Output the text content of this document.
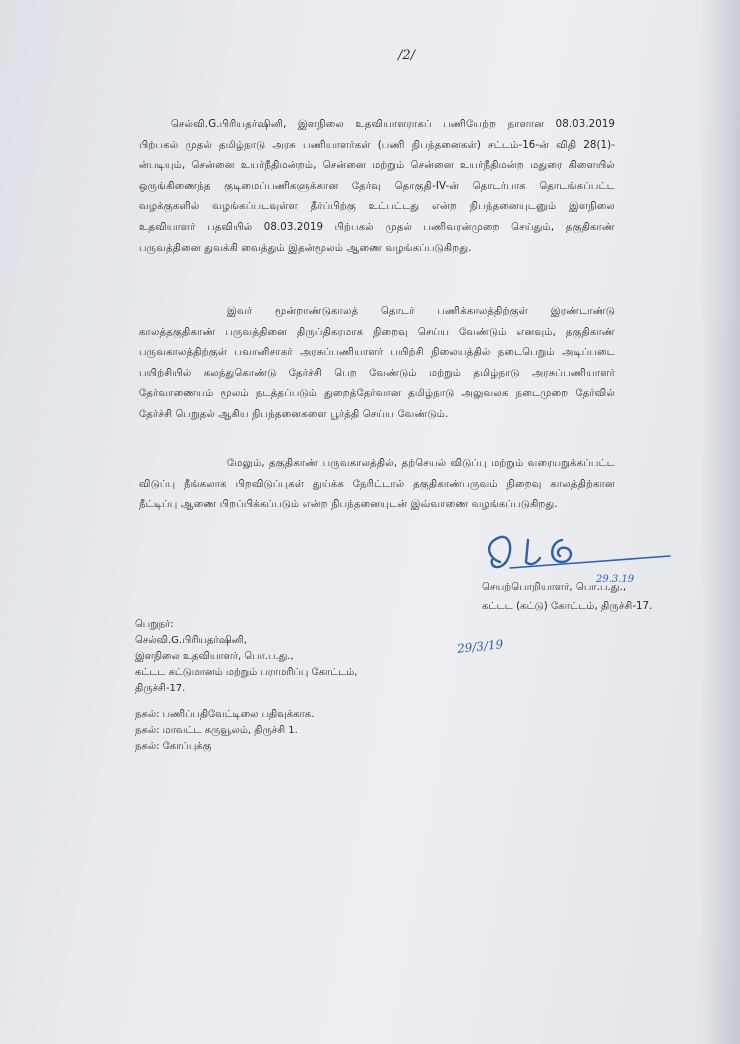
/2/
செல்வி.G.பிரியதர்ஷினி, இளநிலை உதவியாளராகப் பணியேற்ற நாளான 08.03.2019 பிற்பகல் முதல் தமிழ்நாடு அரசு பணியாளர்கள் (பணி நிபந்தனைகள்) சட்டம்-16-ன் விதி 28(1)-ன்படியும், சென்னை உயர்நீதிமன்றம், சென்னை மற்றும் சென்னை உயர்நீதிமன்ற மதுரை கிளையில் ஒருங்கிணைந்த குடிமைப்பணிகளுக்கான தேர்வு தொகுதி-IV-ன் தொடர்பாக தொடங்கப்பட்ட வழக்குகளில் வழங்கப்படவுள்ள தீர்ப்பிற்கு உட்பட்டது என்ற நிபந்தனையுடனும் இளநிலை உதவியாளர் பதவியில் 08.03.2019 பிற்பகல் முதல் பணிவரன்முறை செய்தும், தகுதிகாண் பருவத்தினை துவக்கி வைத்தும் இதன்மூலம் ஆணை வழங்கப்படுகிறது.
இவர் மூன்றாண்டுகாலத் தொடர் பணிக்காலத்திற்குள் இரண்டாண்டு காலத்தகுதிகாண் பருவத்தினை திருப்திகரமாக நிறைவு செய்ய வேண்டும் எனவும், தகுதிகாண் பருவகாலத்திற்குள் பவானிசாகர் அரசுப்பணியாளர் பயிற்சி நிலையத்தில் நடைபெறும் அடிப்படை பயிற்சியில் கலந்துகொண்டு தேர்ச்சி பெற வேண்டும் மற்றும் தமிழ்நாடு அரசுப்பணியாளர் தேர்வாணையம் மூலம் நடத்தப்படும் துறைத்தேர்வான தமிழ்நாடு அலுவலக நடைமுறை தேர்வில் தேர்ச்சி பெறுதல் ஆகிய நிபந்தனைகளை பூர்த்தி செய்ய வேண்டும்.
மேலும், தகுதிகாண் பருவகாலத்தில், தற்செயல் விடுப்பு மற்றும் வரையறுக்கப்பட்ட விடுப்பு நீங்கலாக பிறவிடுப்புகள் துய்க்க நேரிட்டால் தகுதிகாண்பருவம் நிறைவு காலத்திற்கான நீட்டிப்பு ஆணை பிறப்பிக்கப்படும் என்ற நிபந்தனையுடன் இவ்வாணை வழங்கப்படுகிறது.
29.3.19
செயற்பொறியாளர், பொ.ப.து.,
கட்டட (கட்டு) கோட்டம், திருச்சி-17.
29/3/19
பெறுநர்:
செல்வி.G.பிரியதர்ஷினி,
இளநிலை உதவியாளர், பொ.ப.து.,
கட்டட கட்டுமானம் மற்றும் பராமரிப்பு கோட்டம்,
திருச்சி-17.
நகல்: பணிப்பதிவேட்டிலை பதிவுக்காக.
நகல்: மாவட்ட கருவூலம், திருச்சி 1.
நகல்: கோப்புக்கு
